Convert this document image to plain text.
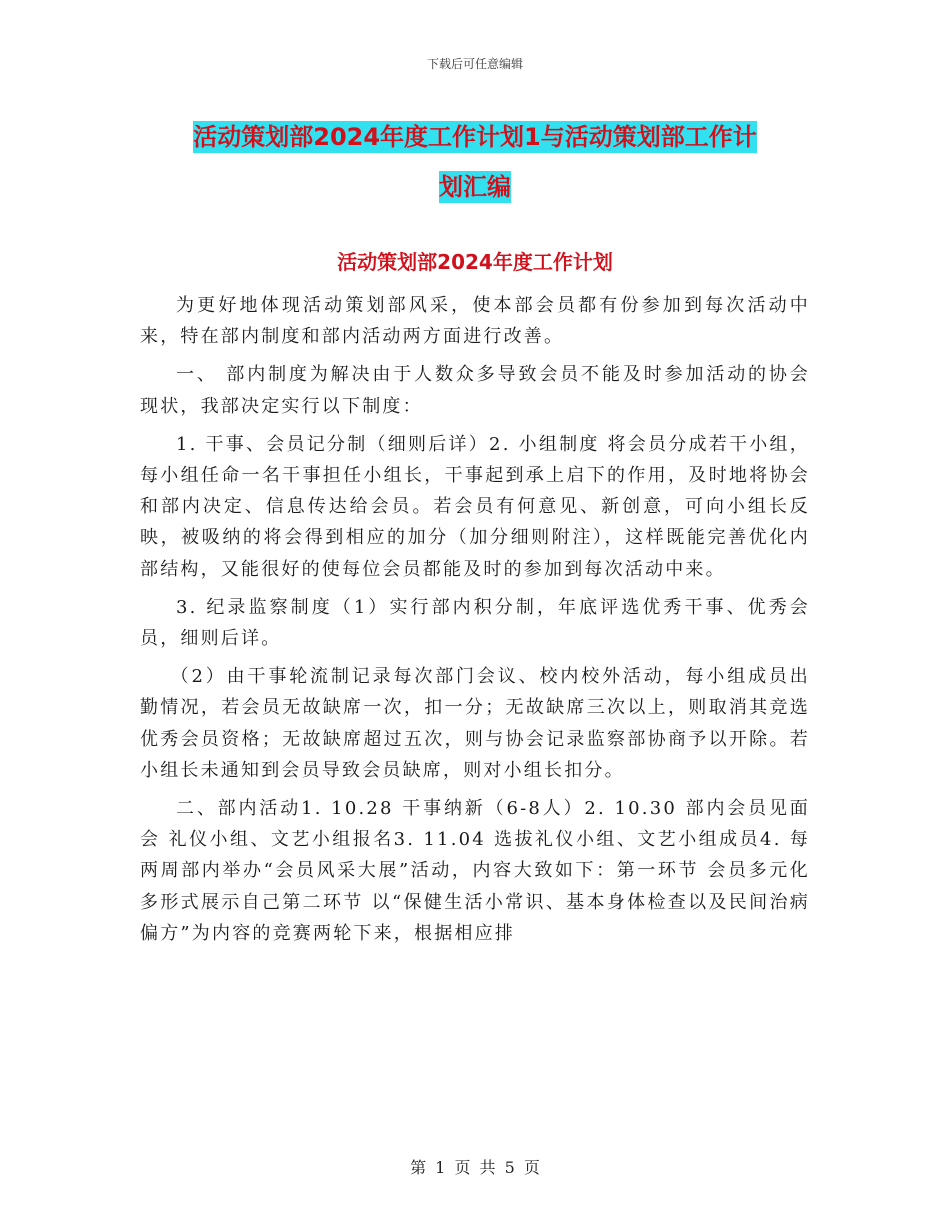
下载后可任意编辑
活动策划部2024年度工作计划1与活动策划部工作计
划汇编
活动策划部2024年度工作计划

为更好地体现活动策划部风采，使本部会员都有份参加到每次活动中来，特在部内制度和部内活动两方面进行改善。

一、 部内制度为解决由于人数众多导致会员不能及时参加活动的协会现状，我部决定实行以下制度：

1. 干事、会员记分制（细则后详）2. 小组制度 将会员分成若干小组，每小组任命一名干事担任小组长，干事起到承上启下的作用，及时地将协会和部内决定、信息传达给会员。若会员有何意见、新创意，可向小组长反映，被吸纳的将会得到相应的加分（加分细则附注），这样既能完善优化内部结构，又能很好的使每位会员都能及时的参加到每次活动中来。

3. 纪录监察制度（1）实行部内积分制，年底评选优秀干事、优秀会员，细则后详。

（2）由干事轮流制记录每次部门会议、校内校外活动，每小组成员出勤情况，若会员无故缺席一次，扣一分；无故缺席三次以上，则取消其竞选优秀会员资格；无故缺席超过五次，则与协会记录监察部协商予以开除。若小组长未通知到会员导致会员缺席，则对小组长扣分。

二、部内活动1. 10.28 干事纳新（6-8人）2. 10.30 部内会员见面会 礼仪小组、文艺小组报名3. 11.04 选拔礼仪小组、文艺小组成员4. 每两周部内举办“会员风采大展”活动，内容大致如下：第一环节 会员多元化 多形式展示自己第二环节 以“保健生活小常识、基本身体检查以及民间治病偏方”为内容的竞赛两轮下来，根据相应排

第 1 页 共 5 页
